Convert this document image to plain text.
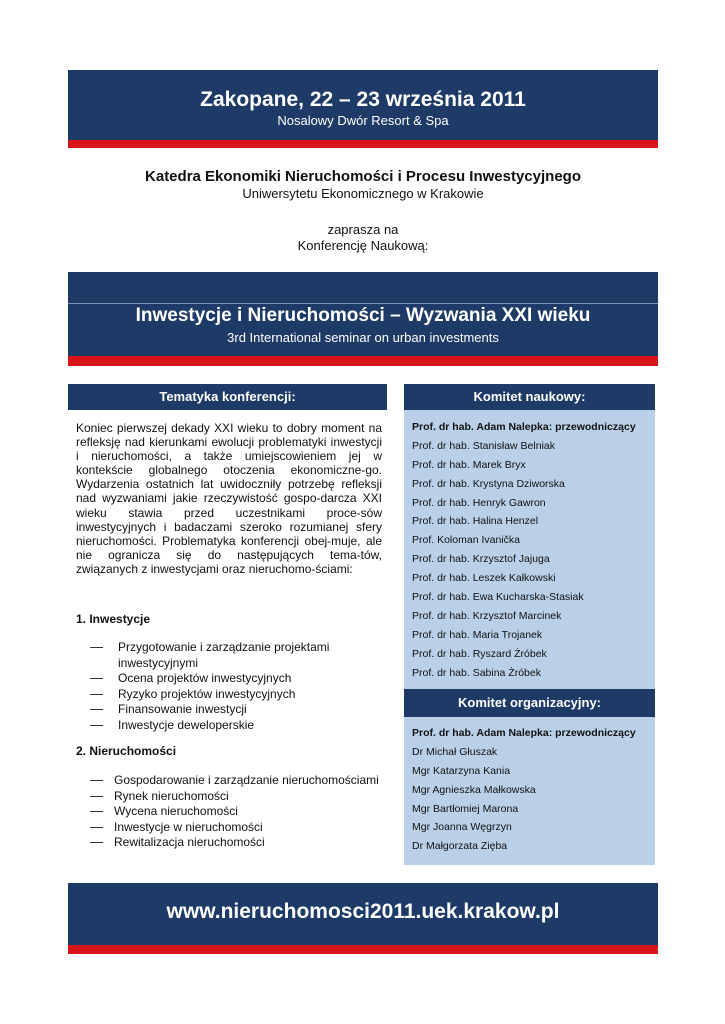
Zakopane, 22 – 23 września 2011
Nosalowy Dwór Resort & Spa
Katedra Ekonomiki Nieruchomości i Procesu Inwestycyjnego
Uniwersytetu Ekonomicznego w Krakowie
zaprasza na
Konferencję Naukową:
Inwestycje i Nieruchomości – Wyzwania XXI wieku
3rd International seminar on urban investments
Tematyka konferencji:

Koniec pierwszej dekady XXI wieku to dobry moment na refleksję nad kierunkami ewolucji problematyki inwestycji i nieruchomości, a także umiejscowieniem jej w kontekście globalnego otoczenia ekonomiczne-go. Wydarzenia ostatnich lat uwidoczniły potrzebę refleksji nad wyzwaniami jakie rzeczywistość gospo-darcza XXI wieku stawia przed uczestnikami proce-sów inwestycyjnych i badaczami szeroko rozumianej sfery nieruchomości. Problematyka konferencji obej-muje, ale nie ogranicza się do następujących tema-tów, związanych z inwestycjami oraz nieruchomo-ściami:

1. Inwestycje
— Przygotowanie i zarządzanie projektami inwestycyjnymi
— Ocena projektów inwestycyjnych
— Ryzyko projektów inwestycyjnych
— Finansowanie inwestycji
— Inwestycje deweloperskie
2. Nieruchomości
— Gospodarowanie i zarządzanie nieruchomościami
— Rynek nieruchomości
— Wycena nieruchomości
— Inwestycje w nieruchomości
— Rewitalizacja nieruchomości
Komitet naukowy:
Prof. dr hab. Adam Nalepka: przewodniczący
Prof. dr hab. Stanisław Belniak
Prof. dr hab. Marek Bryx
Prof. dr hab. Krystyna Dziworska
Prof. dr hab. Henryk Gawron
Prof. dr hab. Halina Henzel
Prof. Koloman Ivanička
Prof. dr hab. Krzysztof Jajuga
Prof. dr hab. Leszek Kałkowski
Prof. dr hab. Ewa Kucharska-Stasiak
Prof. dr hab. Krzysztof Marcinek
Prof. dr hab. Maria Trojanek
Prof. dr hab. Ryszard Żróbek
Prof. dr hab. Sabina Żróbek
Komitet organizacyjny:
Prof. dr hab. Adam Nalepka: przewodniczący
Dr Michał Głuszak
Mgr Katarzyna Kania
Mgr Agnieszka Małkowska
Mgr Bartłomiej Marona
Mgr Joanna Węgrzyn
Dr Małgorzata Zięba
www.nieruchomosci2011.uek.krakow.pl
